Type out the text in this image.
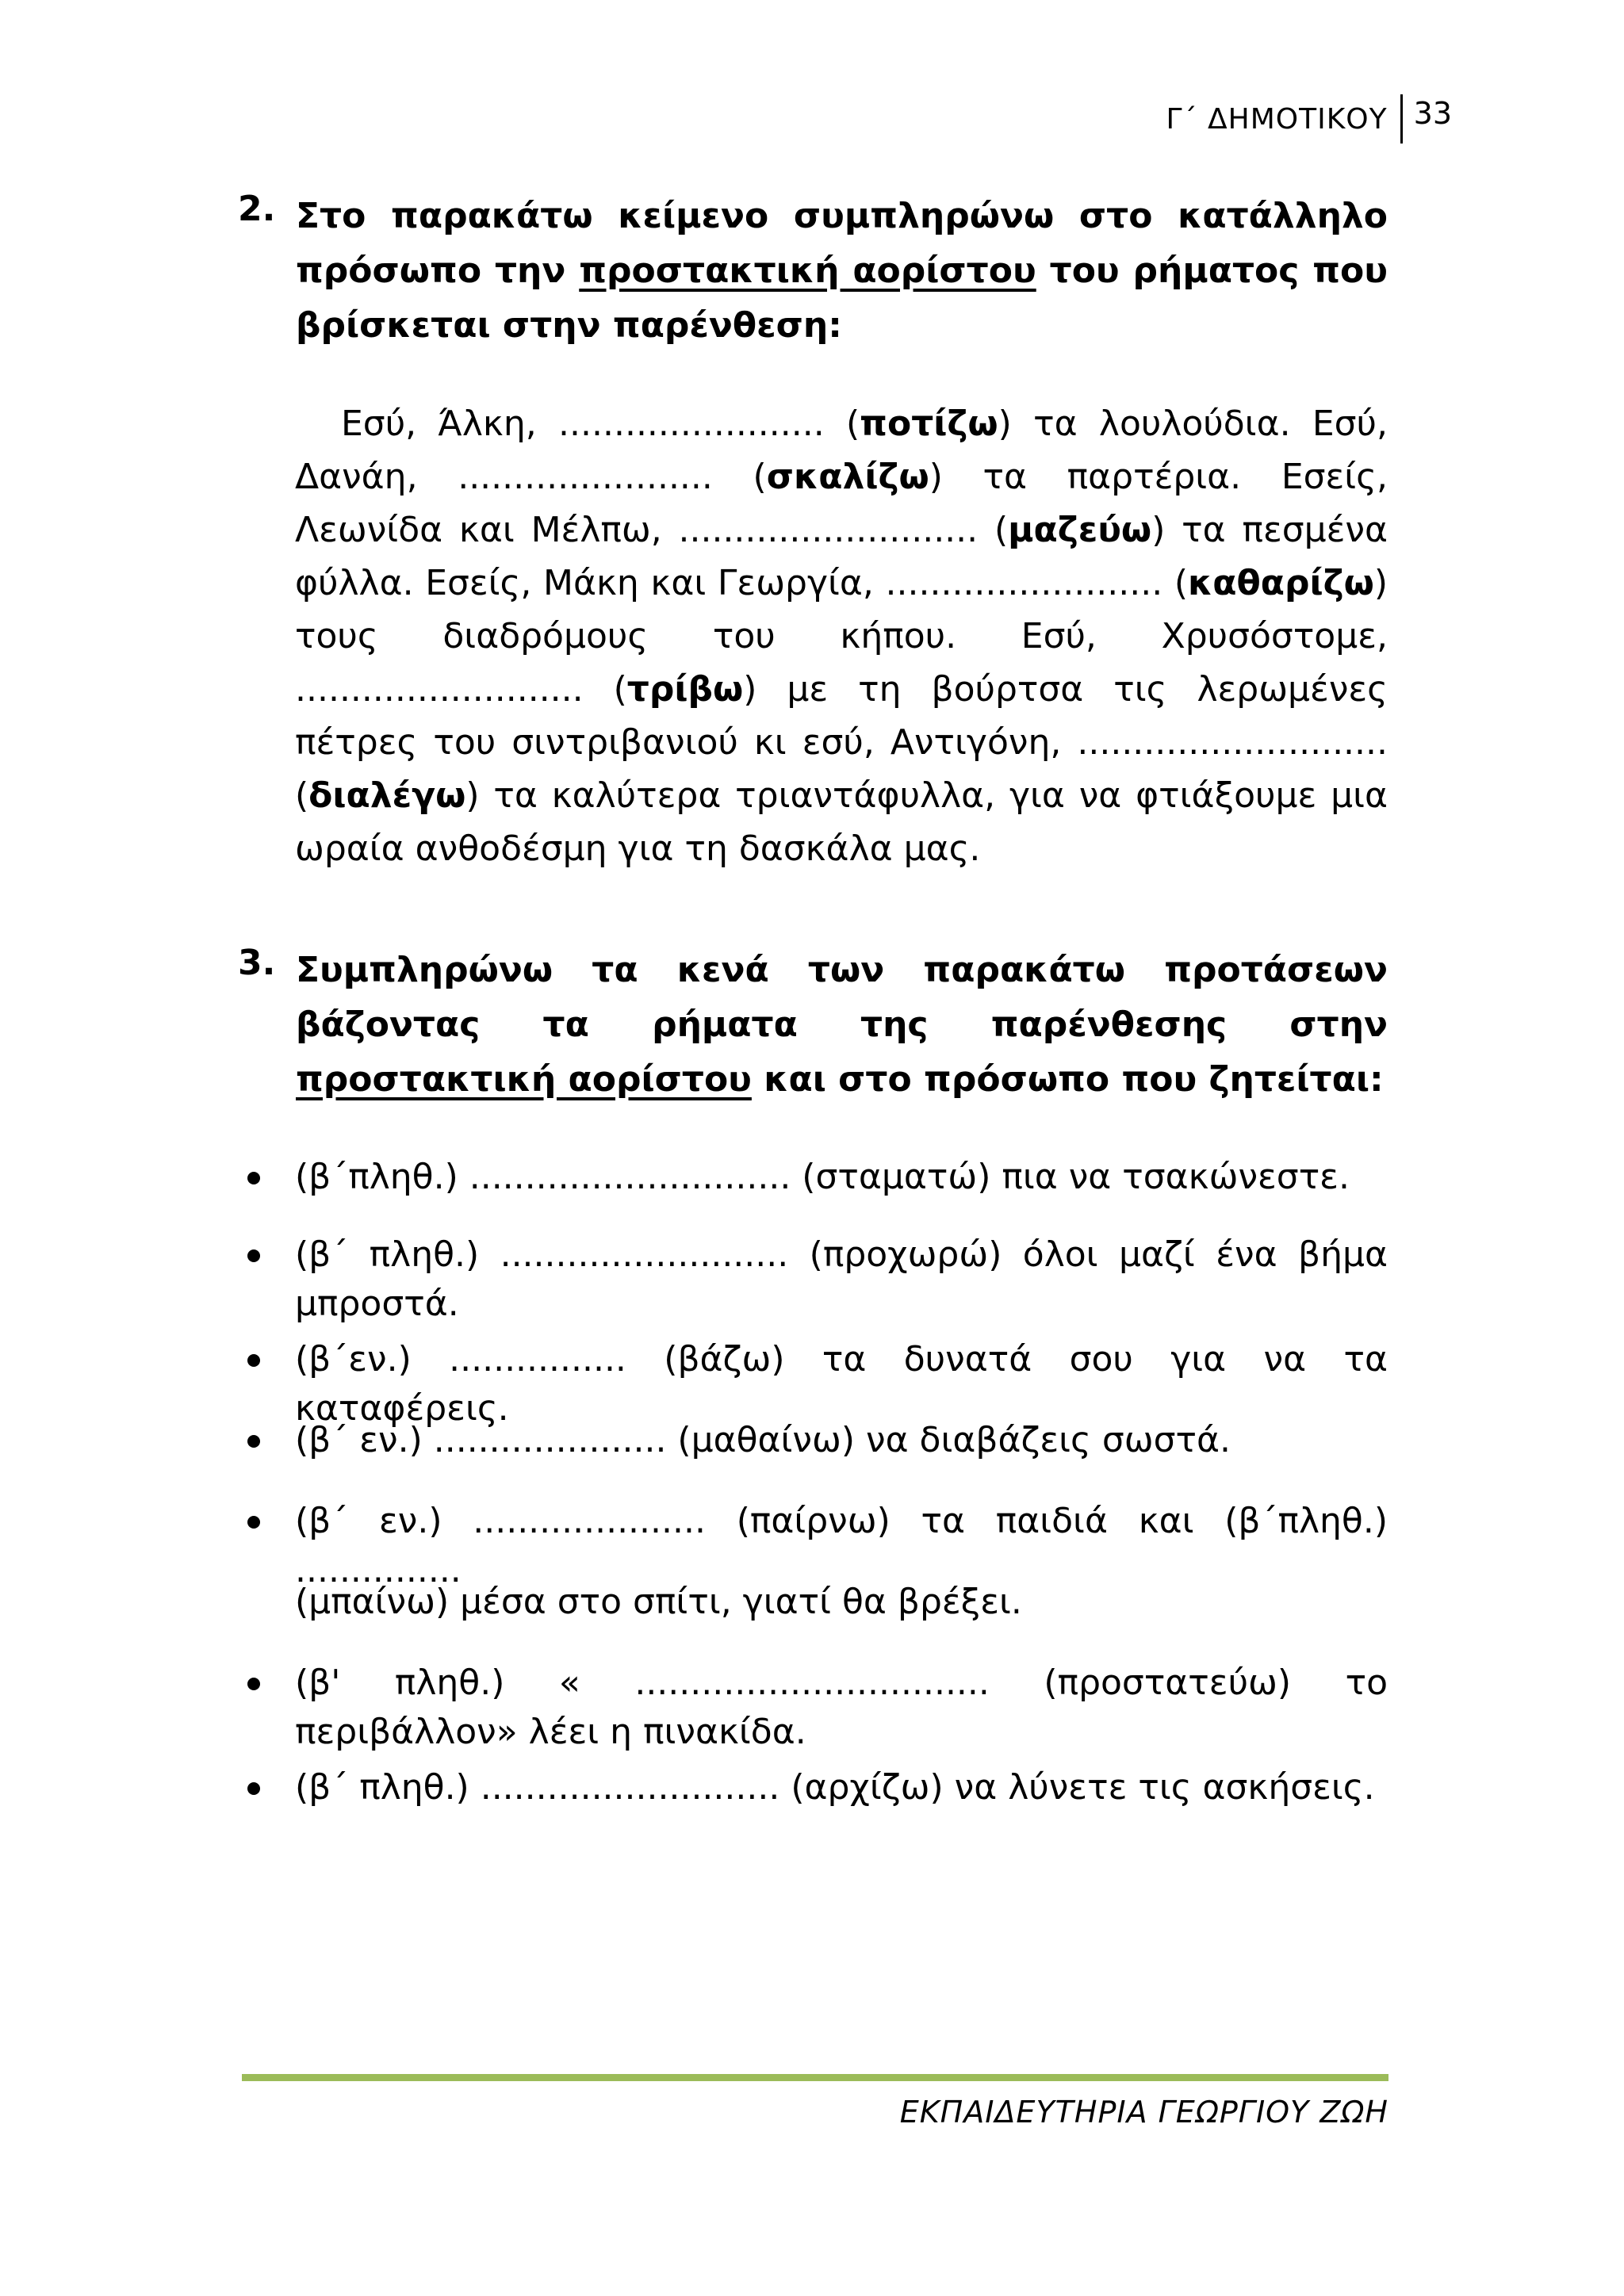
Γ΄ ΔΗΜΟΤΙΚΟΥ 33
2. Στο παρακάτω κείμενο συμπληρώνω στο κατάλληλο πρόσωπο την προστακτική αορίστου του ρήματος που βρίσκεται στην παρένθεση:
Εσύ, Άλκη, ........................ (ποτίζω) τα λουλούδια. Εσύ, Δανάη, ....................... (σκαλίζω) τα παρτέρια. Εσείς, Λεωνίδα και Μέλπω, ........................... (μαζεύω) τα πεσμένα φύλλα. Εσείς, Μάκη και Γεωργία, ......................... (καθαρίζω) τους διαδρόμους του κήπου. Εσύ, Χρυσόστομε, .......................... (τρίβω) με τη βούρτσα τις λερωμένες πέτρες του σιντριβανιού κι εσύ, Αντιγόνη, ............................ (διαλέγω) τα καλύτερα τριαντάφυλλα, για να φτιάξουμε μια ωραία ανθοδέσμη για τη δασκάλα μας.
3. Συμπληρώνω τα κενά των παρακάτω προτάσεων βάζοντας τα ρήματα της παρένθεσης στην προστακτική αορίστου και στο πρόσωπο που ζητείται:
(β΄πληθ.) ............................. (σταματώ) πια να τσακώνεστε.
(β΄ πληθ.) .......................... (προχωρώ) όλοι μαζί ένα βήμα μπροστά.
(β΄εν.) ................ (βάζω) τα δυνατά σου για να τα καταφέρεις.
(β΄ εν.) ..................... (μαθαίνω) να διαβάζεις σωστά.
(β΄ εν.) ..................... (παίρνω) τα παιδιά και (β΄πληθ.) ...............
(μπαίνω) μέσα στο σπίτι, γιατί θα βρέξει.
(β' πληθ.) « ................................ (προστατεύω) το περιβάλλον» λέει η πινακίδα.
(β΄ πληθ.) ........................... (αρχίζω) να λύνετε τις ασκήσεις.
ΕΚΠΑΙΔΕΥΤΗΡΙΑ ΓΕΩΡΓΙΟΥ ΖΩΗ
